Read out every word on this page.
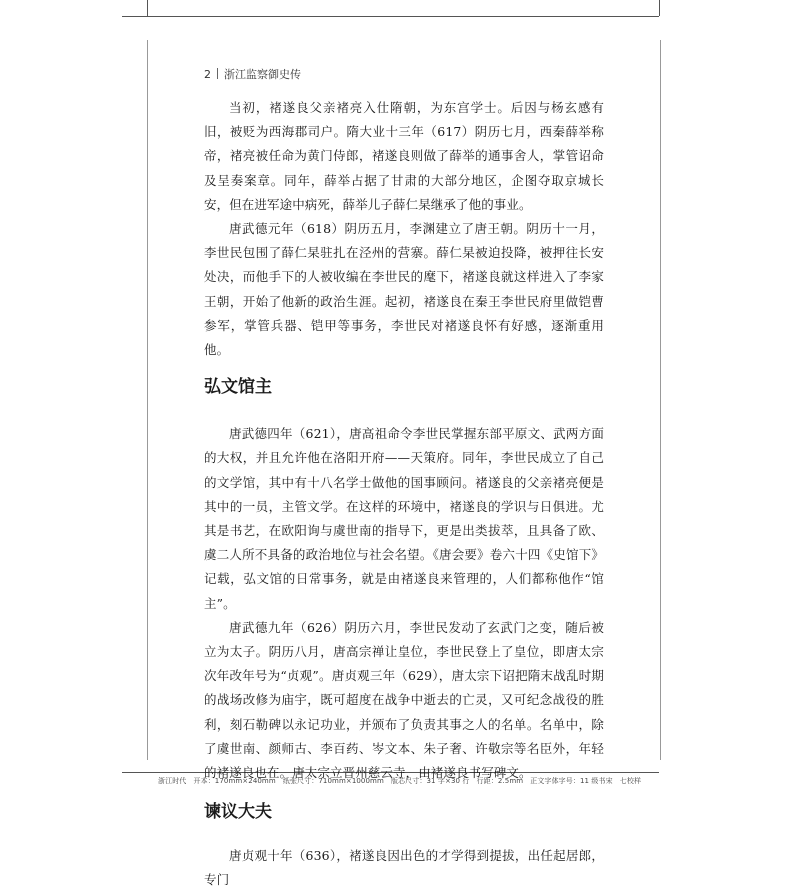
2 浙江监察御史传

当初，褚遂良父亲褚亮入仕隋朝，为东宫学士。后因与杨玄感有旧，被贬为西海郡司户。隋大业十三年（617）阴历七月，西秦薛举称帝，褚亮被任命为黄门侍郎，褚遂良则做了薛举的通事舍人，掌管诏命及呈奏案章。同年，薛举占据了甘肃的大部分地区，企图夺取京城长安，但在进军途中病死，薛举儿子薛仁杲继承了他的事业。

唐武德元年（618）阴历五月，李渊建立了唐王朝。阴历十一月，李世民包围了薛仁杲驻扎在泾州的营寨。薛仁杲被迫投降，被押往长安处决，而他手下的人被收编在李世民的麾下，褚遂良就这样进入了李家王朝，开始了他新的政治生涯。起初，褚遂良在秦王李世民府里做铠曹参军，掌管兵器、铠甲等事务，李世民对褚遂良怀有好感，逐渐重用他。

弘文馆主

唐武德四年（621），唐高祖命令李世民掌握东部平原文、武两方面的大权，并且允许他在洛阳开府——天策府。同年，李世民成立了自己的文学馆，其中有十八名学士做他的国事顾问。褚遂良的父亲褚亮便是其中的一员，主管文学。在这样的环境中，褚遂良的学识与日俱进。尤其是书艺，在欧阳询与虞世南的指导下，更是出类拔萃，且具备了欧、虞二人所不具备的政治地位与社会名望。《唐会要》卷六十四《史馆下》记载，弘文馆的日常事务，就是由褚遂良来管理的，人们都称他作“馆主”。

唐武德九年（626）阴历六月，李世民发动了玄武门之变，随后被立为太子。阴历八月，唐高宗禅让皇位，李世民登上了皇位，即唐太宗次年改年号为“贞观”。唐贞观三年（629），唐太宗下诏把隋末战乱时期的战场改修为庙宇，既可超度在战争中逝去的亡灵，又可纪念战役的胜利，刻石勒碑以永记功业，并颁布了负责其事之人的名单。名单中，除了虞世南、颜师古、李百药、岑文本、朱子奢、许敬宗等名臣外，年轻的褚遂良也在。唐太宗立晋州慈云寺，由褚遂良书写碑文。

谏议大夫

唐贞观十年（636），褚遂良因出色的才学得到提拔，出任起居郎，专门

浙江时代　开本：170mm×240mm　纸张尺寸：710mm×1000mm　版芯尺寸：31 字×30 行　行距：2.5mm　正文字体字号：11 级书宋　七校样
